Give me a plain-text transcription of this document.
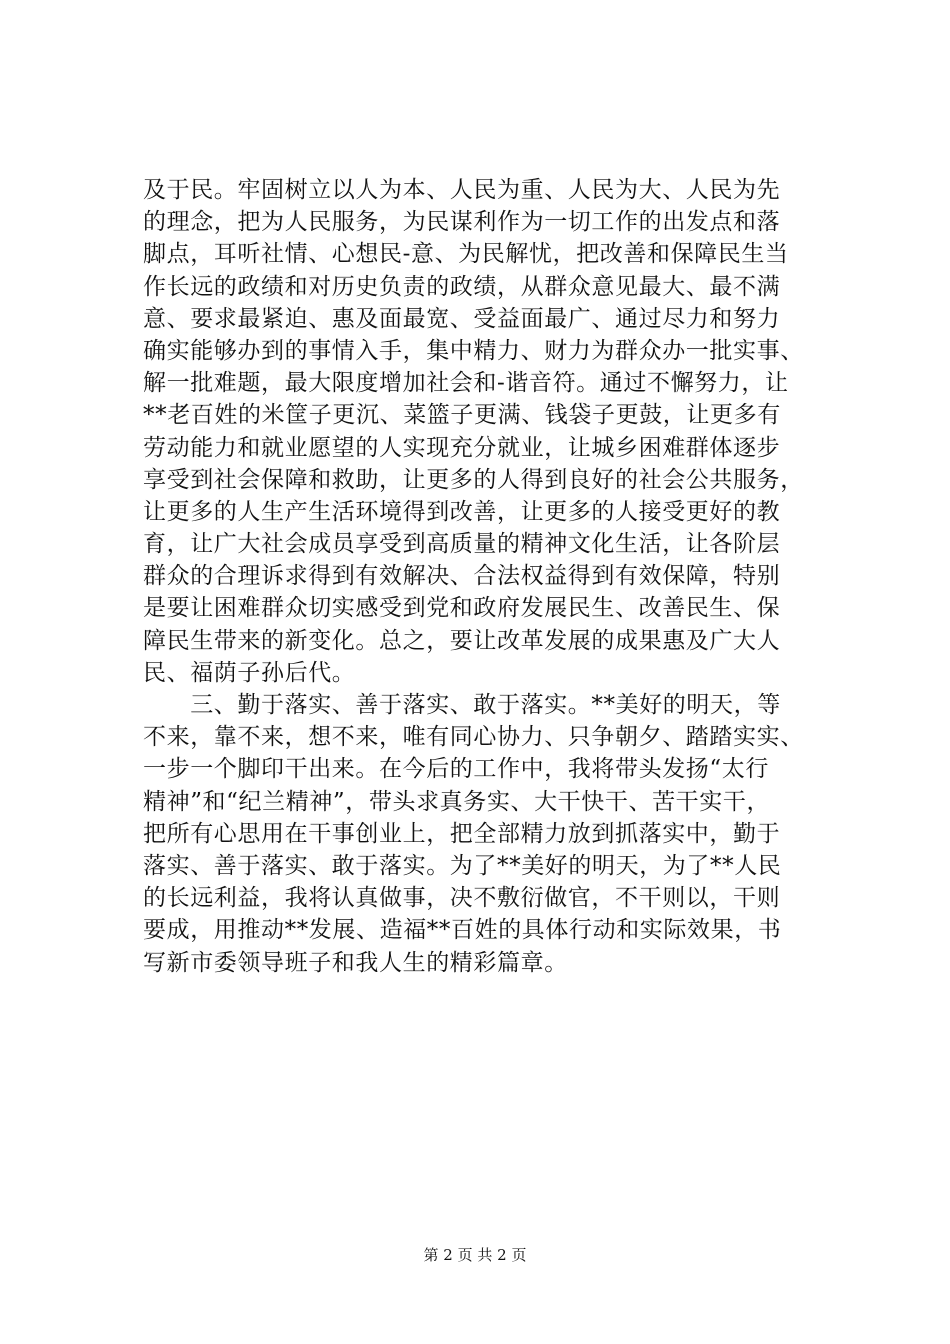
及于民。牢固树立以人为本、人民为重、人民为大、人民为先
的理念，把为人民服务，为民谋利作为一切工作的出发点和落
脚点，耳听社情、心想民-意、为民解忧，把改善和保障民生当
作长远的政绩和对历史负责的政绩，从群众意见最大、最不满
意、要求最紧迫、惠及面最宽、受益面最广、通过尽力和努力
确实能够办到的事情入手，集中精力、财力为群众办一批实事、
解一批难题，最大限度增加社会和-谐音符。通过不懈努力，让
**老百姓的米筐子更沉、菜篮子更满、钱袋子更鼓，让更多有
劳动能力和就业愿望的人实现充分就业，让城乡困难群体逐步
享受到社会保障和救助，让更多的人得到良好的社会公共服务，
让更多的人生产生活环境得到改善，让更多的人接受更好的教
育，让广大社会成员享受到高质量的精神文化生活，让各阶层
群众的合理诉求得到有效解决、合法权益得到有效保障，特别
是要让困难群众切实感受到党和政府发展民生、改善民生、保
障民生带来的新变化。总之，要让改革发展的成果惠及广大人
民、福荫子孙后代。
　　三、勤于落实、善于落实、敢于落实。**美好的明天，等
不来，靠不来，想不来，唯有同心协力、只争朝夕、踏踏实实、
一步一个脚印干出来。在今后的工作中，我将带头发扬“太行
精神”和“纪兰精神”，带头求真务实、大干快干、苦干实干，
把所有心思用在干事创业上，把全部精力放到抓落实中，勤于
落实、善于落实、敢于落实。为了**美好的明天，为了**人民
的长远利益，我将认真做事，决不敷衍做官，不干则以，干则
要成，用推动**发展、造福**百姓的具体行动和实际效果，书
写新市委领导班子和我人生的精彩篇章。
第 2 页 共 2 页
